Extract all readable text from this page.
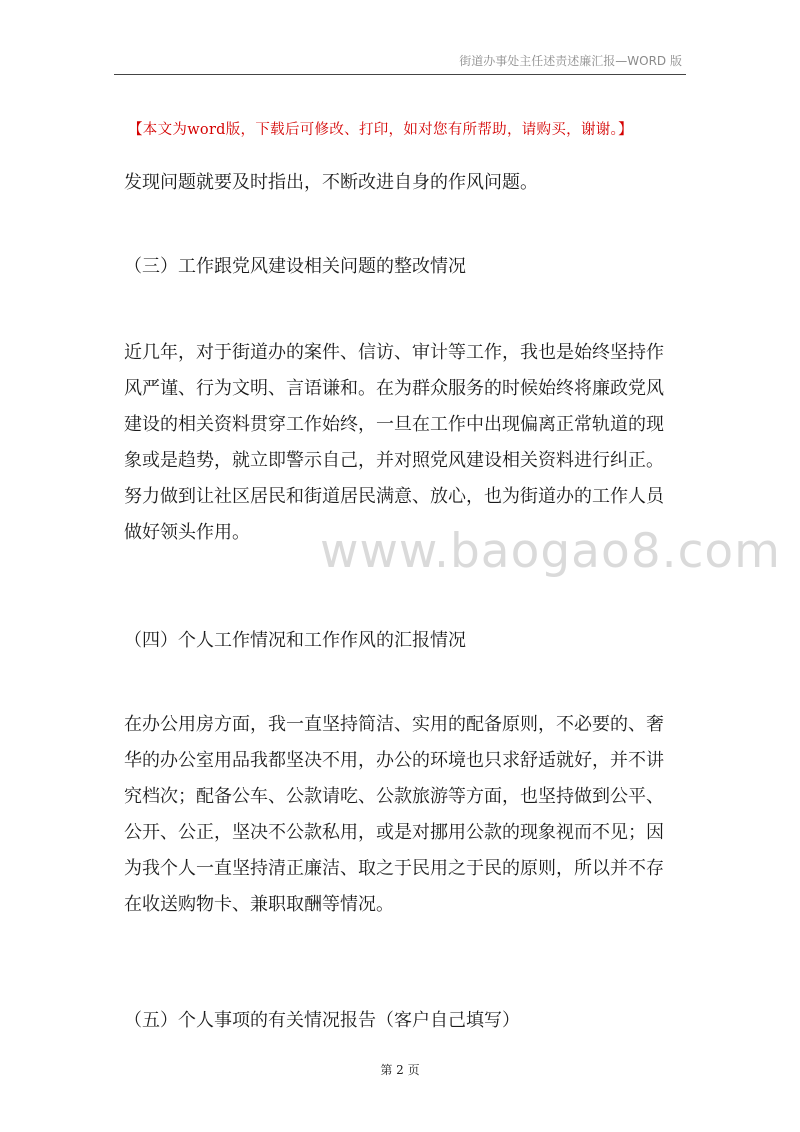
街道办事处主任述责述廉汇报—WORD 版
【本文为word版，下载后可修改、打印，如对您有所帮助，请购买，谢谢。】
发现问题就要及时指出，不断改进自身的作风问题。
（三）工作跟党风建设相关问题的整改情况
近几年，对于街道办的案件、信访、审计等工作，我也是始终坚持作
风严谨、行为文明、言语谦和。在为群众服务的时候始终将廉政党风
建设的相关资料贯穿工作始终，一旦在工作中出现偏离正常轨道的现
象或是趋势，就立即警示自己，并对照党风建设相关资料进行纠正。
努力做到让社区居民和街道居民满意、放心，也为街道办的工作人员
做好领头作用。	www.baogao8.com
（四）个人工作情况和工作作风的汇报情况
在办公用房方面，我一直坚持简洁、实用的配备原则，不必要的、奢
华的办公室用品我都坚决不用，办公的环境也只求舒适就好，并不讲
究档次；配备公车、公款请吃、公款旅游等方面，也坚持做到公平、
公开、公正，坚决不公款私用，或是对挪用公款的现象视而不见；因
为我个人一直坚持清正廉洁、取之于民用之于民的原则，所以并不存
在收送购物卡、兼职取酬等情况。
（五）个人事项的有关情况报告（客户自己填写）
第 2 页
